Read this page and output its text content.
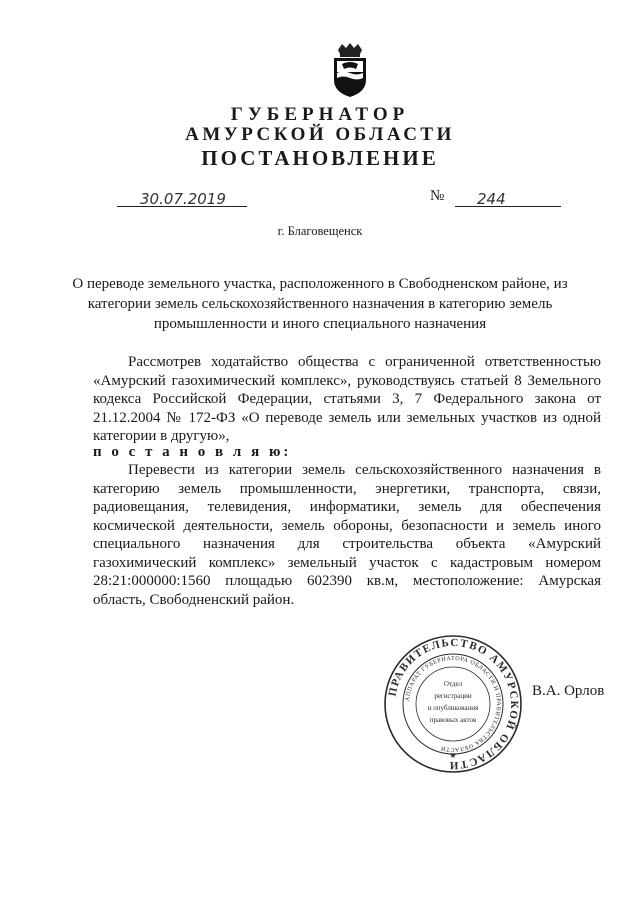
ГУБЕРНАТОР
АМУРСКОЙ ОБЛАСТИ
ПОСТАНОВЛЕНИЕ
30.07.2019	№ 244
г. Благовещенск
О переводе земельного участка, расположенного в Свободненском районе, из категории земель сельскохозяйственного назначения в категорию земель промышленности и иного специального назначения
Рассмотрев ходатайство общества с ограниченной ответственностью «Амурский газохимический комплекс», руководствуясь статьей 8 Земельного кодекса Российской Федерации, статьями 3, 7 Федерального закона от 21.12.2004 № 172-ФЗ «О переводе земель или земельных участков из одной категории в другую»,
п о с т а н о в л я ю:
Перевести из категории земель сельскохозяйственного назначения в категорию земель промышленности, энергетики, транспорта, связи, радиовещания, телевидения, информатики, земель для обеспечения космической деятельности, земель обороны, безопасности и земель иного специального назначения для строительства объекта «Амурский газохимический комплекс» земельный участок с кадастровым номером 28:21:000000:1560 площадью 602390 кв.м, местоположение: Амурская область, Свободненский район.
ПРАВИТЕЛЬСТВО АМУРСКОЙ ОБЛАСТИ
АППАРАТ ГУБЕРНАТОРА ОБЛАСТИ И ПРАВИТЕЛЬСТВА ОБЛАСТИ
Отдел
регистрации
и опубликования
правовых актов
★
В.А. Орлов
